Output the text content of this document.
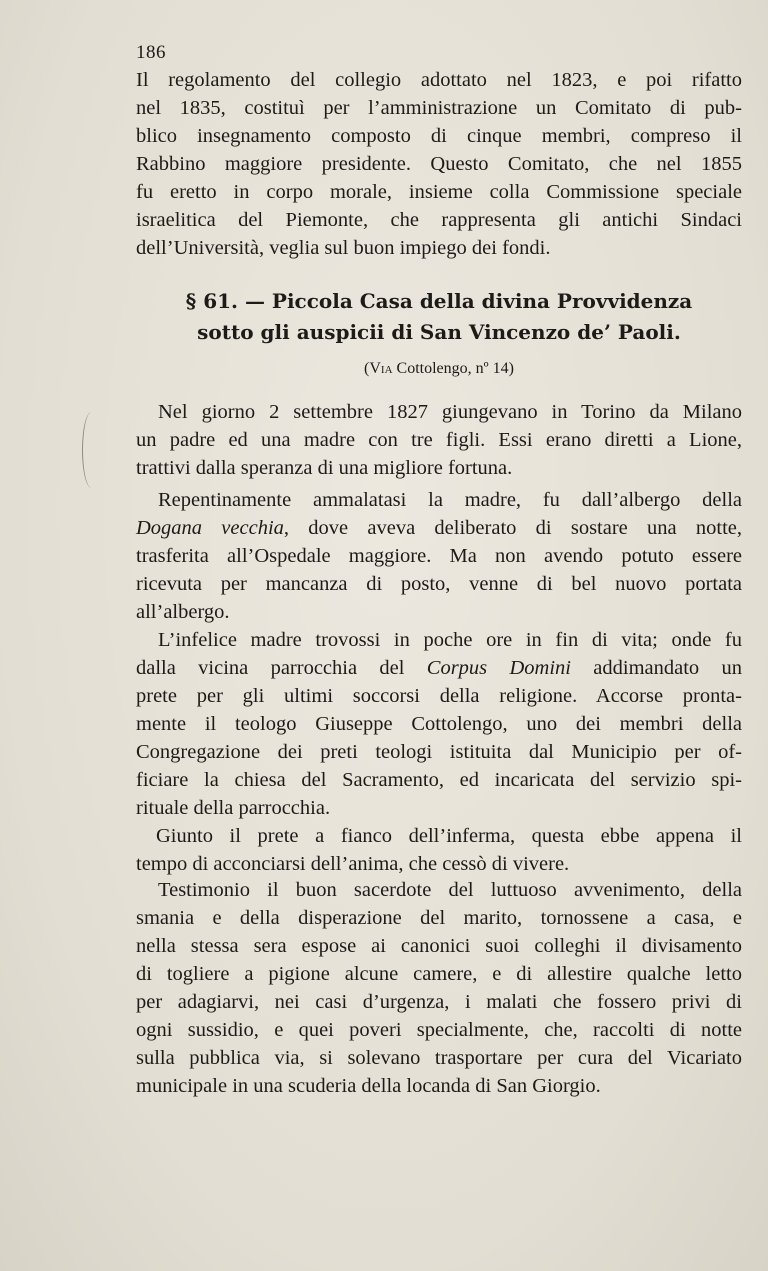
186
Il regolamento del collegio adottato nel 1823, e poi rifatto
nel 1835, costituì per l’amministrazione un Comitato di pub-
blico insegnamento composto di cinque membri, compreso il
Rabbino maggiore presidente. Questo Comitato, che nel 1855
fu eretto in corpo morale, insieme colla Commissione speciale
israelitica del Piemonte, che rappresenta gli antichi Sindaci
dell’Università, veglia sul buon impiego dei fondi.
§ 61. — Piccola Casa della divina Provvidenza
sotto gli auspicii di San Vincenzo de’ Paoli.
(Via Cottolengo, nº 14)
Nel giorno 2 settembre 1827 giungevano in Torino da Milano
un padre ed una madre con tre figli. Essi erano diretti a Lione,
trattivi dalla speranza di una migliore fortuna.
Repentinamente ammalatasi la madre, fu dall’albergo della
Dogana vecchia, dove aveva deliberato di sostare una notte,
trasferita all’Ospedale maggiore. Ma non avendo potuto essere
ricevuta per mancanza di posto, venne di bel nuovo portata
all’albergo.
L’infelice madre trovossi in poche ore in fin di vita; onde fu
dalla vicina parrocchia del Corpus Domini addimandato un
prete per gli ultimi soccorsi della religione. Accorse pronta-
mente il teologo Giuseppe Cottolengo, uno dei membri della
Congregazione dei preti teologi istituita dal Municipio per of-
ficiare la chiesa del Sacramento, ed incaricata del servizio spi-
rituale della parrocchia.
Giunto il prete a fianco dell’inferma, questa ebbe appena il
tempo di acconciarsi dell’anima, che cessò di vivere.
Testimonio il buon sacerdote del luttuoso avvenimento, della
smania e della disperazione del marito, tornossene a casa, e
nella stessa sera espose ai canonici suoi colleghi il divisamento
di togliere a pigione alcune camere, e di allestire qualche letto
per adagiarvi, nei casi d’urgenza, i malati che fossero privi di
ogni sussidio, e quei poveri specialmente, che, raccolti di notte
sulla pubblica via, si solevano trasportare per cura del Vicariato
municipale in una scuderia della locanda di San Giorgio.
